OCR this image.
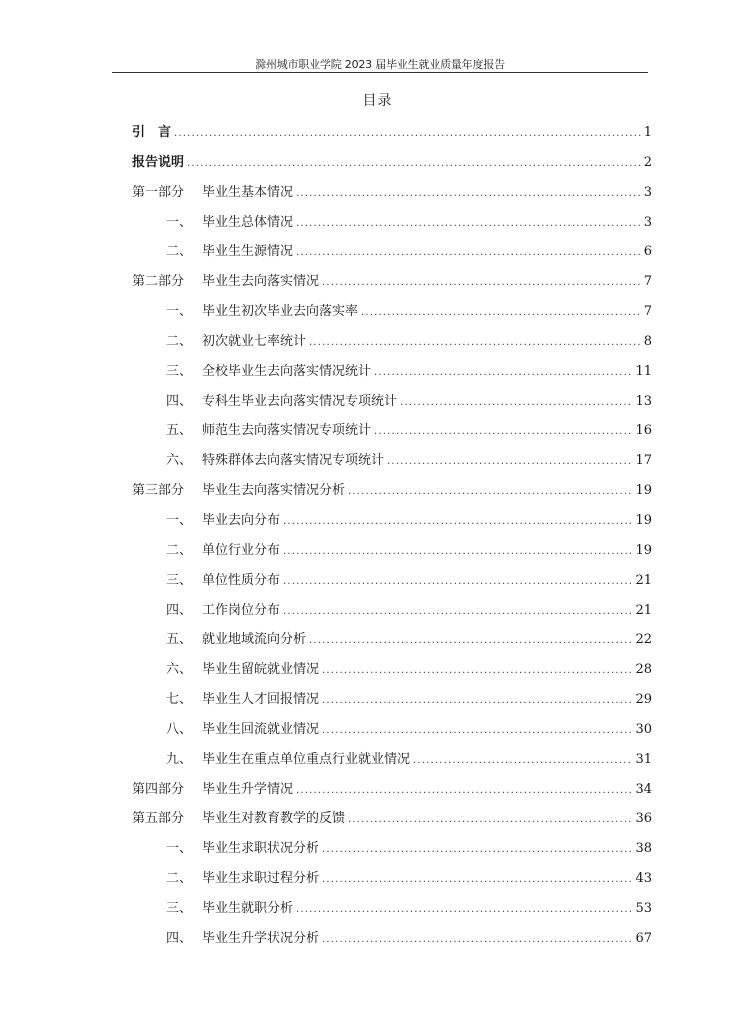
滁州城市职业学院 2023 届毕业生就业质量年度报告
目录
引　言 .....	1
报告说明 .....	2
第一部分	毕业生基本情况 .....	3
一、 毕业生总体情况 .....	3
二、 毕业生生源情况 .....	6
第二部分	毕业生去向落实情况 .....	7
一、 毕业生初次毕业去向落实率 .....	7
二、 初次就业七率统计 .....	8
三、 全校毕业生去向落实情况统计 .....	11
四、 专科生毕业去向落实情况专项统计 .....	13
五、 师范生去向落实情况专项统计 .....	16
六、 特殊群体去向落实情况专项统计 .....	17
第三部分	毕业生去向落实情况分析 .....	19
一、 毕业去向分布 .....	19
二、 单位行业分布 .....	19
三、 单位性质分布 .....	21
四、 工作岗位分布 .....	21
五、 就业地域流向分析 .....	22
六、 毕业生留皖就业情况 .....	28
七、 毕业生人才回报情况 .....	29
八、 毕业生回流就业情况 .....	30
九、 毕业生在重点单位重点行业就业情况 .....	31
第四部分	毕业生升学情况 .....	34
第五部分	毕业生对教育教学的反馈 .....	36
一、 毕业生求职状况分析 .....	38
二、 毕业生求职过程分析 .....	43
三、 毕业生就职分析 .....	53
四、 毕业生升学状况分析 .....	67
